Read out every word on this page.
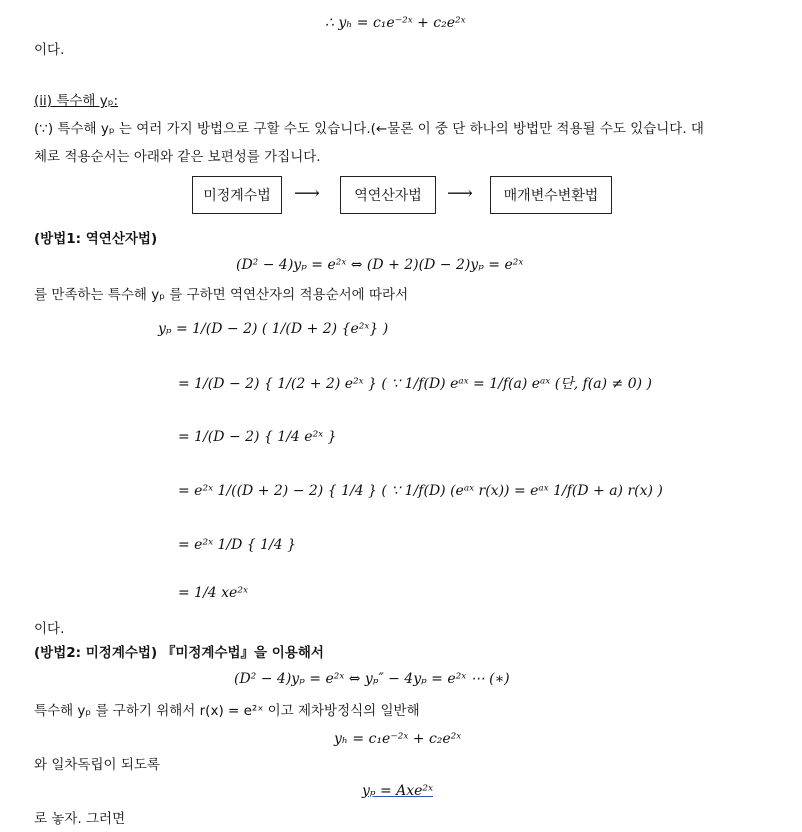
∴ yₕ = c₁e⁻²ˣ + c₂e²ˣ
이다.
(ii) 특수해 yₚ:
(∵) 특수해 yₚ 는 여러 가지 방법으로 구할 수도 있습니다.(←물론 이 중 단 하나의 방법만 적용될 수도 있습니다. 대
체로 적용순서는 아래와 같은 보편성를 가집니다.
미정계수법	⟶	역연산자법	⟶	매개변수변환법
(방법1: 역연산자법)
(D² − 4)yₚ = e²ˣ ⇔ (D + 2)(D − 2)yₚ = e²ˣ
를 만족하는 특수해 yₚ 를 구하면 역연산자의 적용순서에 따라서
yₚ = 1/(D − 2) ( 1/(D + 2) {e²ˣ} )
= 1/(D − 2) { 1/(2 + 2) e²ˣ } ( ∵ 1/f(D) eᵃˣ = 1/f(a) eᵃˣ (단, f(a) ≠ 0) )
= 1/(D − 2) { 1/4 e²ˣ }
= e²ˣ 1/((D + 2) − 2) { 1/4 } ( ∵ 1/f(D) (eᵃˣ r(x)) = eᵃˣ 1/f(D + a) r(x) )
= e²ˣ 1/D { 1/4 }
= 1/4 xe²ˣ
이다.
(방법2: 미정계수법) 『미정계수법』을 이용해서
(D² − 4)yₚ = e²ˣ ⇔ yₚ″ − 4yₚ = e²ˣ ⋯ (∗)
특수해 yₚ 를 구하기 위해서 r(x) = e²ˣ 이고 제차방정식의 일반해
yₕ = c₁e⁻²ˣ + c₂e²ˣ
와 일차독립이 되도록
yₚ = Axe²ˣ
로 놓자. 그러면
